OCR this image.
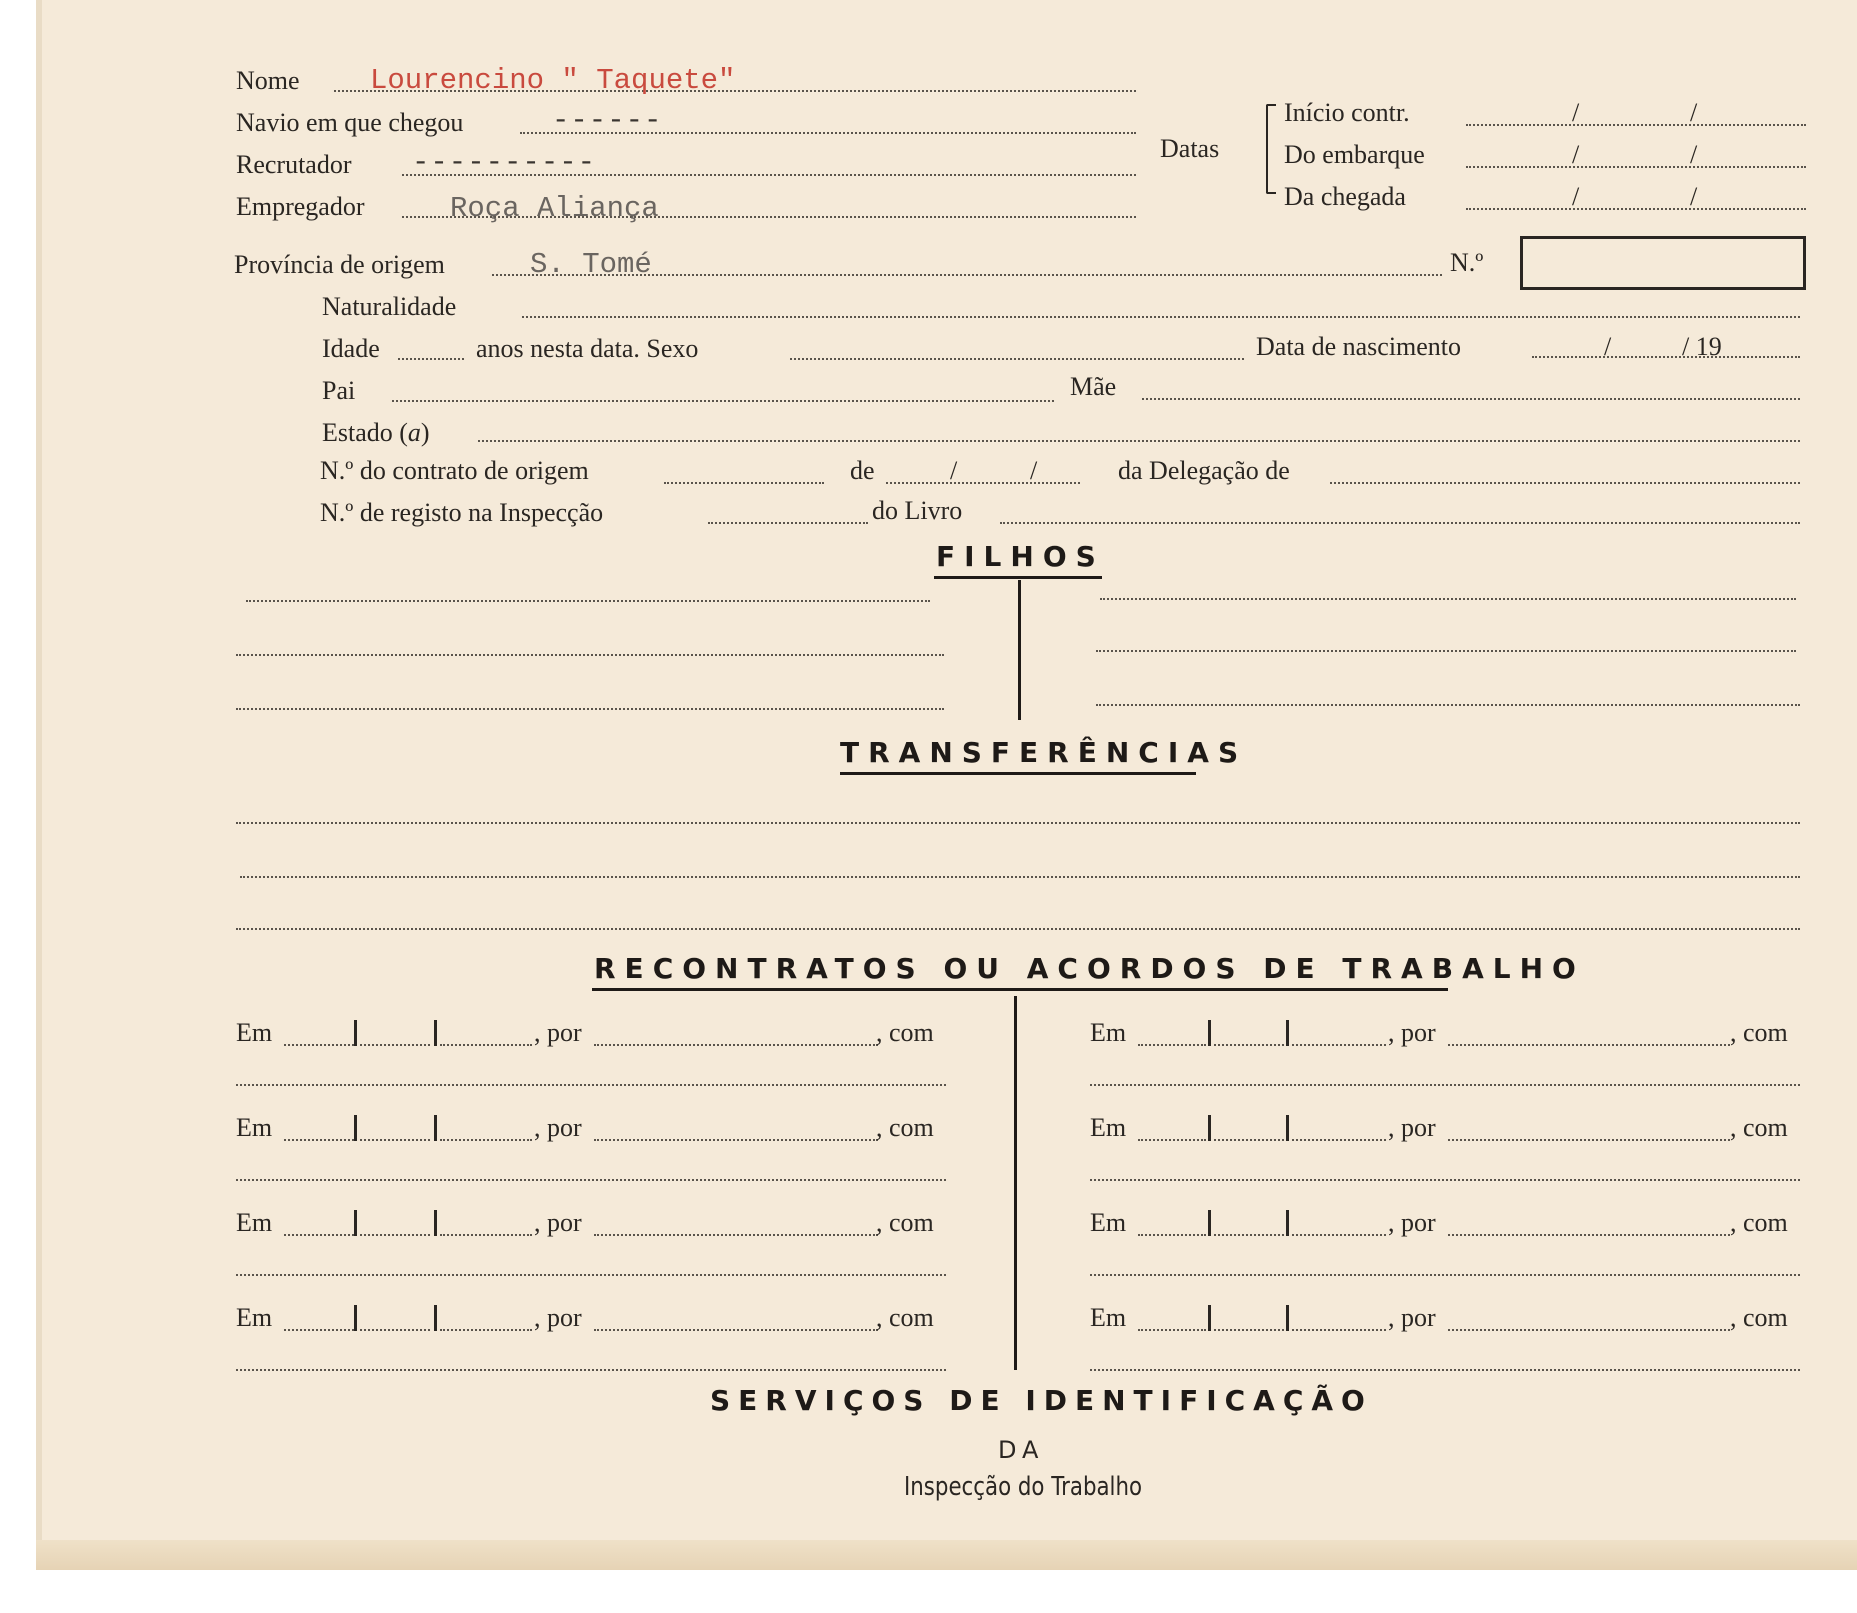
Nome Lourencino " Taquete"
Navio em que chegou	------
Recrutador ----------
Empregador	Roça Aliança
Datas
Início contr.	/	/
Do embarque	/	/
Da chegada	/	/
Província de origem	S. Tomé	N.º
Naturalidade
Idade	anos nesta data. Sexo	Data de nascimento	/	/ 19
Pai	Mãe
Estado (a)
N.º do contrato de origem	de	/	/	da Delegação de
N.º de registo na Inspecção	do Livro
FILHOS
TRANSFERÊNCIAS
RECONTRATOS OU ACORDOS DE TRABALHO
Em	, por	, com	Em	, por	, com
Em	, por	, com	Em	, por	, com
Em	, por	, com	Em	, por	, com
Em	, por	, com	Em	, por	, com
SERVIÇOS DE IDENTIFICAÇÃO
DA
Inspecção do Trabalho
